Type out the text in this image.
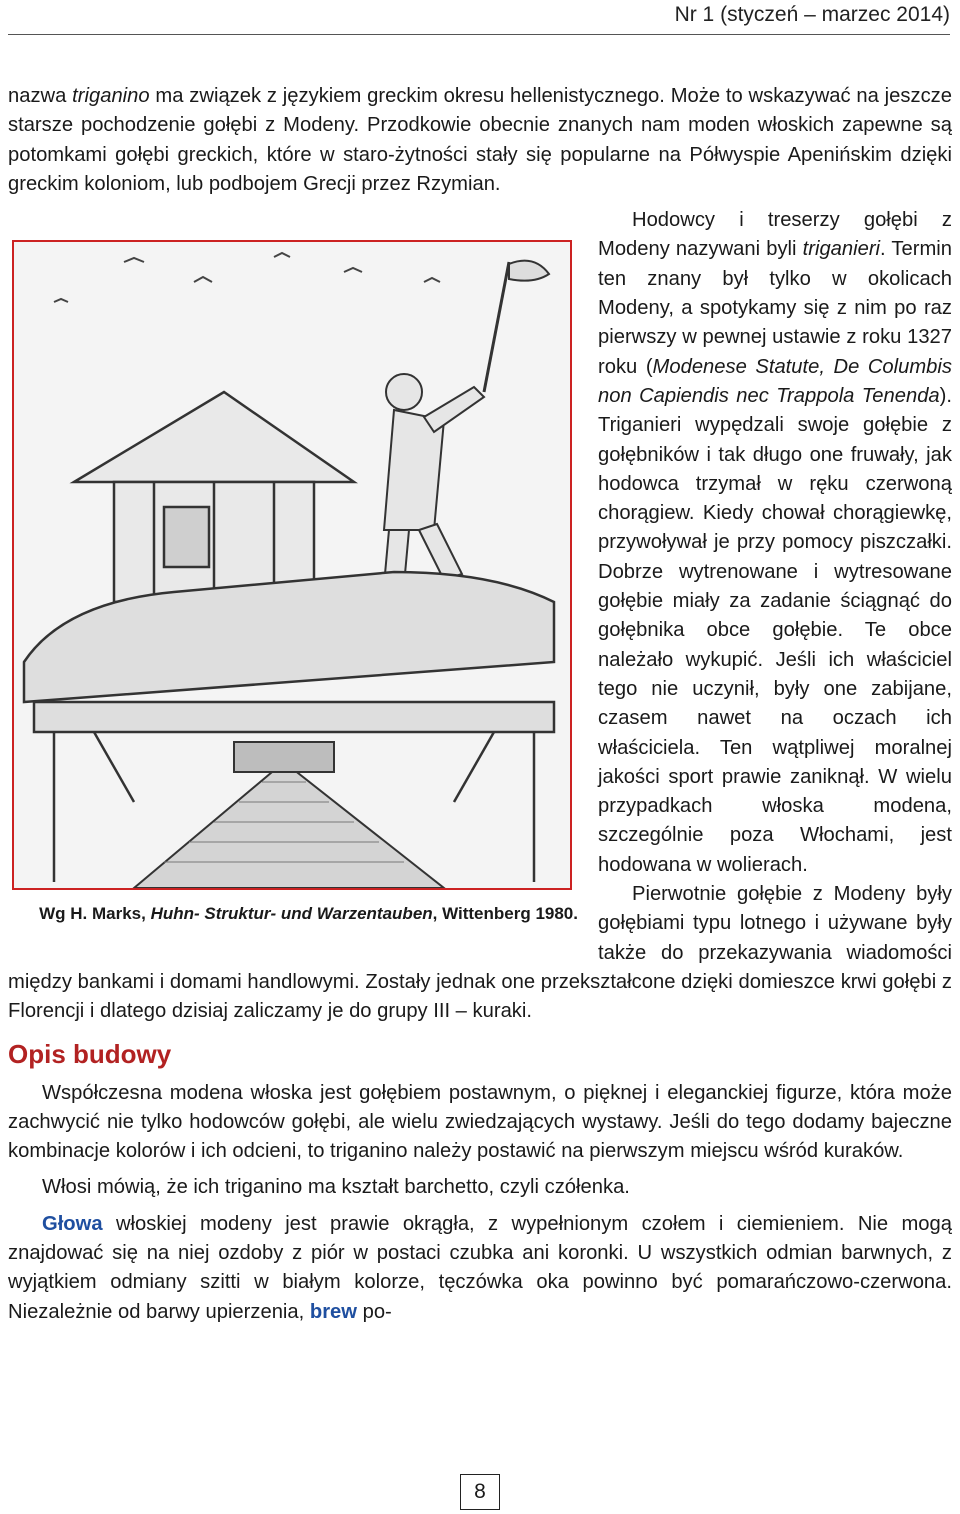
Nr 1 (styczeń – marzec 2014)

nazwa triganino ma związek z językiem greckim okresu hellenistycznego. Może to wskazywać na jeszcze starsze pochodzenie gołębi z Modeny. Przodkowie obecnie znanych nam moden włoskich zapewne są potomkami gołębi greckich, które w staro-żytności stały się popularne na Półwyspie Apenińskim dzięki greckim koloniom, lub podbojem Grecji przez Rzymian.

Wg H. Marks, Huhn- Struktur- und Warzentauben, Wittenberg 1980.

Hodowcy i treserzy gołębi z Modeny nazywani byli triganieri. Termin ten znany był tylko w okolicach Modeny, a spotykamy się z nim po raz pierwszy w pewnej ustawie z roku 1327 roku (Modenese Statute, De Columbis non Capiendis nec Trappola Tenenda). Triganieri wypędzali swoje gołębie z gołębników i tak długo one fruwały, jak hodowca trzymał w ręku czerwoną chorągiew. Kiedy chował chorągiewkę, przywoływał je przy pomocy piszczałki. Dobrze wytrenowane i wytresowane gołębie miały za zadanie ściągnąć do gołębnika obce gołębie. Te obce należało wykupić. Jeśli ich właściciel tego nie uczynił, były one zabijane, czasem nawet na oczach ich właściciela. Ten wątpliwej moralnej jakości sport prawie zaniknął. W wielu przypadkach włoska modena, szczególnie poza Włochami, jest hodowana w wolierach.

Pierwotnie gołębie z Modeny były gołębiami typu lotnego i używane były także do przekazywania wiadomości między bankami i domami handlowymi. Zostały jednak one przekształcone dzięki domieszce krwi gołębi z Florencji i dlatego dzisiaj zaliczamy je do grupy III – kuraki.

Opis budowy

Współczesna modena włoska jest gołębiem postawnym, o pięknej i eleganckiej figurze, która może zachwycić nie tylko hodowców gołębi, ale wielu zwiedzających wystawy. Jeśli do tego dodamy bajeczne kombinacje kolorów i ich odcieni, to triganino należy postawić na pierwszym miejscu wśród kuraków.

Włosi mówią, że ich triganino ma kształt barchetto, czyli czółenka.

Głowa włoskiej modeny jest prawie okrągła, z wypełnionym czołem i ciemieniem. Nie mogą znajdować się na niej ozdoby z piór w postaci czubka ani koronki. U wszystkich odmian barwnych, z wyjątkiem odmiany szitti w białym kolorze, tęczówka oka powinno być pomarańczowo-czerwona. Niezależnie od barwy upierzenia, brew po-

8
